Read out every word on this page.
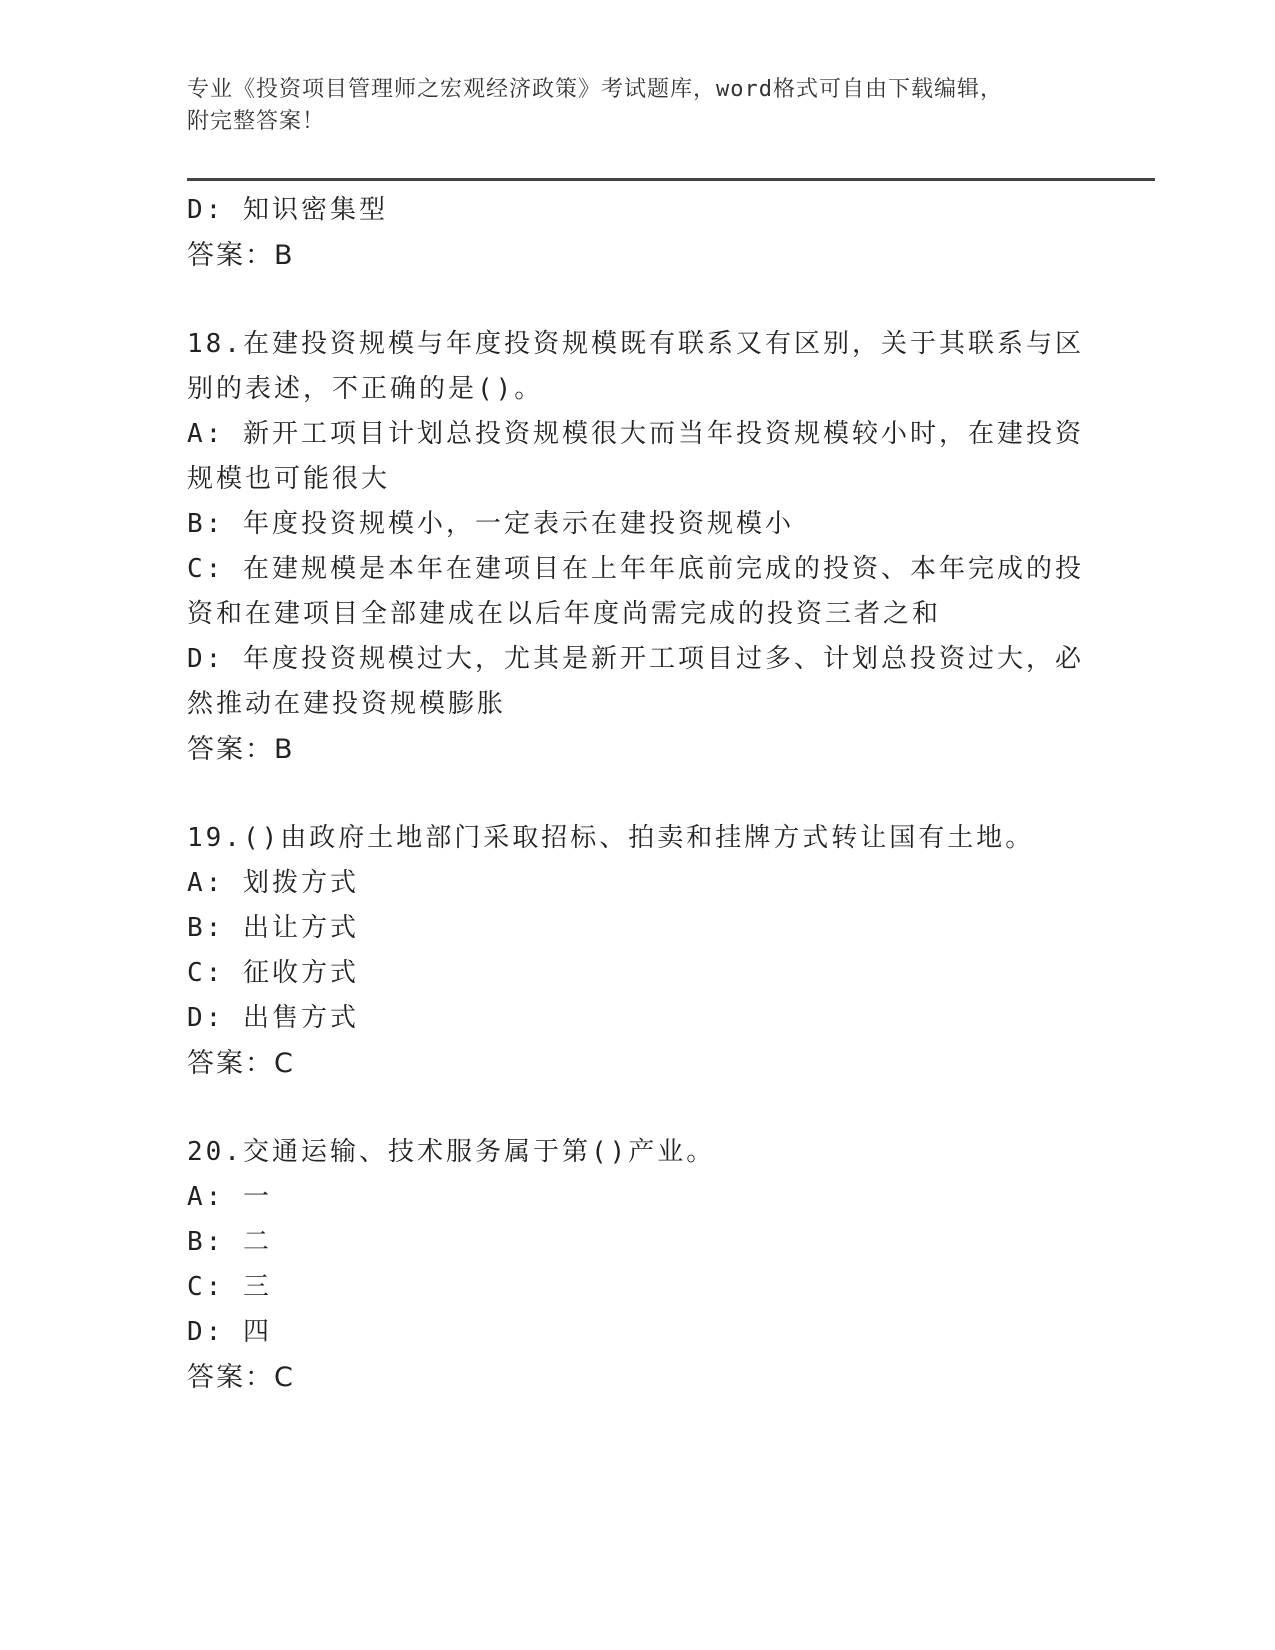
专业《投资项目管理师之宏观经济政策》考试题库，word格式可自由下载编辑，
附完整答案！
D: 知识密集型
答案：B
18.在建投资规模与年度投资规模既有联系又有区别，关于其联系与区
别的表述，不正确的是()。
A: 新开工项目计划总投资规模很大而当年投资规模较小时，在建投资
规模也可能很大
B: 年度投资规模小，一定表示在建投资规模小
C: 在建规模是本年在建项目在上年年底前完成的投资、本年完成的投
资和在建项目全部建成在以后年度尚需完成的投资三者之和
D: 年度投资规模过大，尤其是新开工项目过多、计划总投资过大，必
然推动在建投资规模膨胀
答案：B
19.()由政府土地部门采取招标、拍卖和挂牌方式转让国有土地。
A: 划拨方式
B: 出让方式
C: 征收方式
D: 出售方式
答案：C
20.交通运输、技术服务属于第()产业。
A: 一
B: 二
C: 三
D: 四
答案：C
